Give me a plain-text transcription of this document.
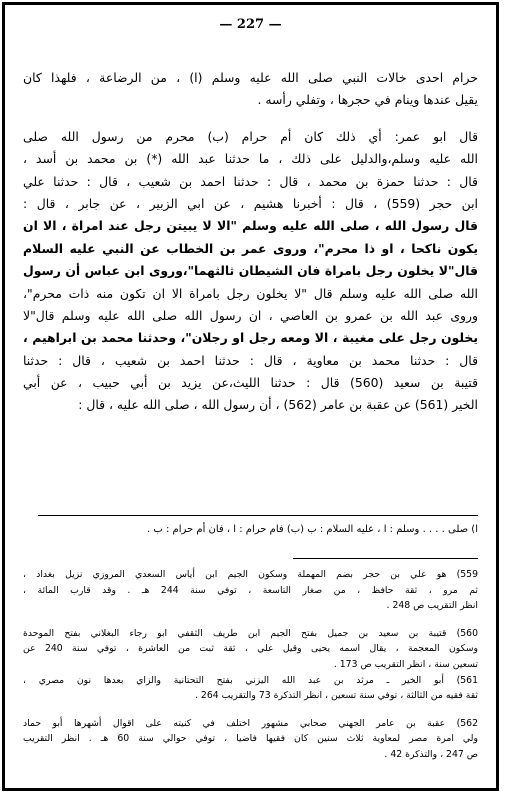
— 227 —
حرام احدى خالات النبي صلى الله عليه وسلم (ا) ، من الرضاعة ، فلهذا كان
يقيل عندها وينام في حجرها ، وتفلي رأسه .
قال ابو عمر: أي ذلك كان أم حرام (ب) محرم من رسول الله صلى
الله عليه وسلم،والدليل على ذلك ، ما حدثنا عبد الله (*) بن محمد بن أسد ،
قال : حدثنا حمزة بن محمد ، قال : حدثنا احمد بن شعيب ، قال : حدثنا علي
ابن حجر (559) ، قال : أخبرنا هشيم ، عن ابي الزبير ، عن جابر ، قال :
قال رسول الله ، صلى الله عليه وسلم "الا لا يبيتن رجل عند امراة ، الا ان
يكون ناكحا ، او ذا محرم"، وروى عمر بن الخطاب عن النبي عليه السلام
قال"لا يخلون رجل بامراة فان الشيطان ثالثهما"،وروى ابن عباس أن رسول
الله صلى الله عليه وسلم قال "لا يخلون رجل بامراة الا ان تكون منه ذات محرم"،
وروى عبد الله بن عمرو بن العاصي ، ان رسول الله صلى الله عليه وسلم قال"لا
يخلون رجل على مغيبة ، الا ومعه رجل او رجلان"، وحدثنا محمد بن ابراهيم ،
قال : حدثنا محمد بن معاوية ، قال : حدثنا احمد بن شعيب ، قال : حدثنا
قتيبة بن سعيد (560) قال : حدثنا الليث،عن يزيد بن أبي حبيب ، عن أبي
الخير (561) عن عقبة بن عامر (562) ، أن رسول الله ، صلى الله عليه ، قال :
ا) صلى . . . . وسلم : ا ، عليه السلام : ب (ب) فام حرام : ا ، فان أم حرام : ب .
559) هو علي بن حجر بضم المهملة وسكون الجيم ابن أياس السعدي المروزي نزيل بغداد ،
ثم مرو ، ثقة حافظ ، من صغار التاسعة ، توفي سنة 244 هـ . وقد قارب المائة ،
انظر التقريب ص 248 .
560) قتيبة بن سعيد بن جميل بفتح الجيم ابن طريف الثقفي ابو رجاء البغلاني بفتح الموحدة
وسكون المعجمة ، يقال اسمه يحيى وقيل علي ، ثقة ثبت من العاشرة ، توفي سنة 240 عن
تسعين سنة ، انظر التقريب ص 173 .
561) أبو الخير ـ مرثد بن عبد الله اليزني بفتح التحتانية والزاي بعدها نون مصري ،
ثقة فقيه من الثالثة ، توفي سنة تسعين ، انظر التذكرة 73 والتقريب 264 .
562) عقبة بن عامر الجهني صحابي مشهور اختلف في كنيته على اقوال أشهرها أبو حماد
ولي امرة مصر لمعاوية ثلاث سنين كان فقيها فاضيا ، توفي حوالي سنة 60 هـ . انظر التقريب
ص 247 ، والتذكرة 42 .
